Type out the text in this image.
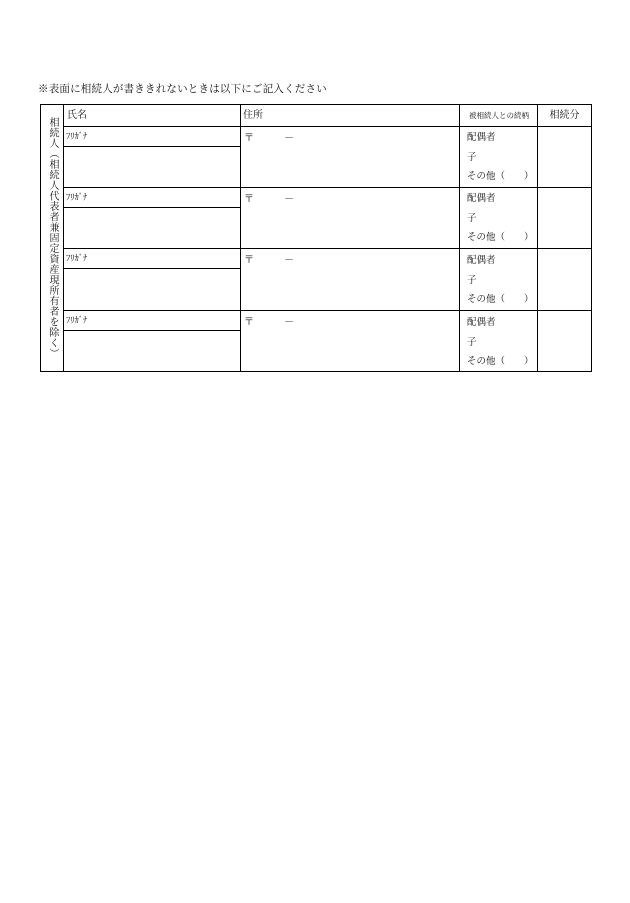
※表面に相続人が書ききれないときは以下にご記入ください
相続人（相続人代表者兼固定資産現所有者を除く）
氏名	住所	被相続人との続柄	相続分
ﾌﾘｶﾞﾅ	〒	－	配偶者
子
その他（　　）
ﾌﾘｶﾞﾅ	〒	－	配偶者
子
その他（　　）
ﾌﾘｶﾞﾅ	〒	－	配偶者
子
その他（　　）
ﾌﾘｶﾞﾅ	〒	－	配偶者
子
その他（　　）
